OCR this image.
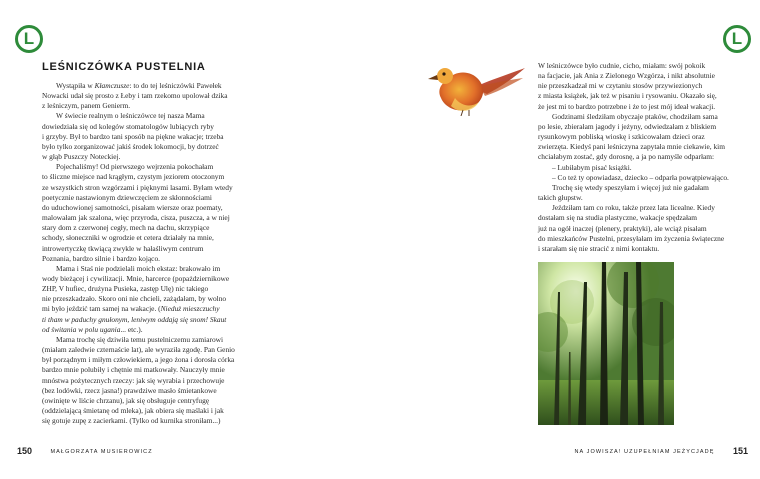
L	L
LEŚNICZÓWKA PUSTELNIA

Wystąpiła w Kłamczusze: to do tej leśniczówki Pawełek

Nowacki udał się prosto z Łeby i tam rzekomo upolował dzika

z leśniczym, panem Genierm.

W świecie realnym o leśniczówce tej nasza Mama

dowiedziała się od kolegów stomatologów lubiących ryby

i grzyby. Był to bardzo tani sposób na piękne wakacje; trzeba

było tylko zorganizować jakiś środek lokomocji, by dotrzeć

w głąb Puszczy Noteckiej.

Pojechaliśmy! Od pierwszego wejrzenia pokochałam

to śliczne miejsce nad krągłym, czystym jeziorem otoczonym

ze wszystkich stron wzgórzami i pięknymi lasami. Byłam wtedy

poetycznie nastawionym dziewczęciem ze skłonnościami

do uduchowionej samotności, pisałam wiersze oraz poematy,

malowałam jak szalona, więc przyroda, cisza, puszcza, a w niej

stary dom z czerwonej cegły, mech na dachu, skrzypiące

schody, słoneczniki w ogrodzie et cetera działały na mnie,

introwertyczkę tkwiącą zwykle w hałaśliwym centrum

Poznania, bardzo silnie i bardzo kojąco.

Mama i Staś nie podzielali moich ekstaz: brakowało im

wody bieżącej i cywilizacji. Mnie, harcerce (popażdziernikowe

ZHP, V hufiec, drużyna Pusieka, zastęp Ulę) nic takiego

nie przeszkadzało. Skoro oni nie chcieli, zażądałam, by wolno

mi było jeździć tam samej na wakacje. (Nieduż mieszczuchy

ti tham w paduchy gnułonym, leniwym oddają się snom! Skaut

od świtania w polu ugania... etc.).

Mama trochę się dziwiła temu pustelniczemu zamiarowi

(miałam zaledwie czternaście lat), ale wyraziła zgodę. Pan Genio

był porządnym i miłym człowiekiem, a jego żona i dorosła córka

bardzo mnie polubiły i chętnie mi matkowały. Nauczyły mnie

mnóstwa pożytecznych rzeczy: jak się wyrabia i przechowuje

(bez lodówki, rzecz jasna!) prawdziwe masło śmietankowe

(owinięte w liście chrzanu), jak się obsługuje centryfugę

(oddzielającą śmietanę od mleka), jak obiera się maślaki i jak

się gotuje zupę z zacierkami. (Tylko od kurnika stroniłam...)

W leśniczówce było cudnie, cicho, miałam: swój pokoik

na facjacie, jak Ania z Zielonego Wzgórza, i nikt absolutnie

nie przeszkadzał mi w czytaniu stosów przywiezionych

z miasta książek, jak też w pisaniu i rysowaniu. Okazało się,

że jest mi to bardzo potrzebne i że to jest mój ideał wakacji.

Godzinami śledziłam obyczaje ptaków, chodziłam sama

po lesie, zbierałam jagody i jeżyny, odwiedzałam z bliskiem

rysunkowym pobliską wioskę i szkicowałam dzieci oraz

zwierzęta. Kiedyś pani leśniczyna zapytała mnie ciekawie, kim

chciałabym zostać, gdy dorosnę, a ja po namyśle odparłam:

– Lubiłabym pisać książki.

– Co też ty opowiadasz, dziecko – odparła powątpiewająco.

Trochę się wtedy speszyłam i więcej już nie gadałam

takich głupstw.

Jeździłam tam co roku, także przez lata licealne. Kiedy

dostałam się na studia plastyczne, wakacje spędzałam

już na ogół inaczej (plenery, praktyki), ale wciąż pisałam

do mieszkańców Pustelni, przesyłałam im życzenia świąteczne

i starałam się nie stracić z nimi kontaktu.

150	MAŁGORZATA MUSIEROWICZ	NA JOWISZA! UZUPEŁNIAM JEŻYCJADĘ 151
